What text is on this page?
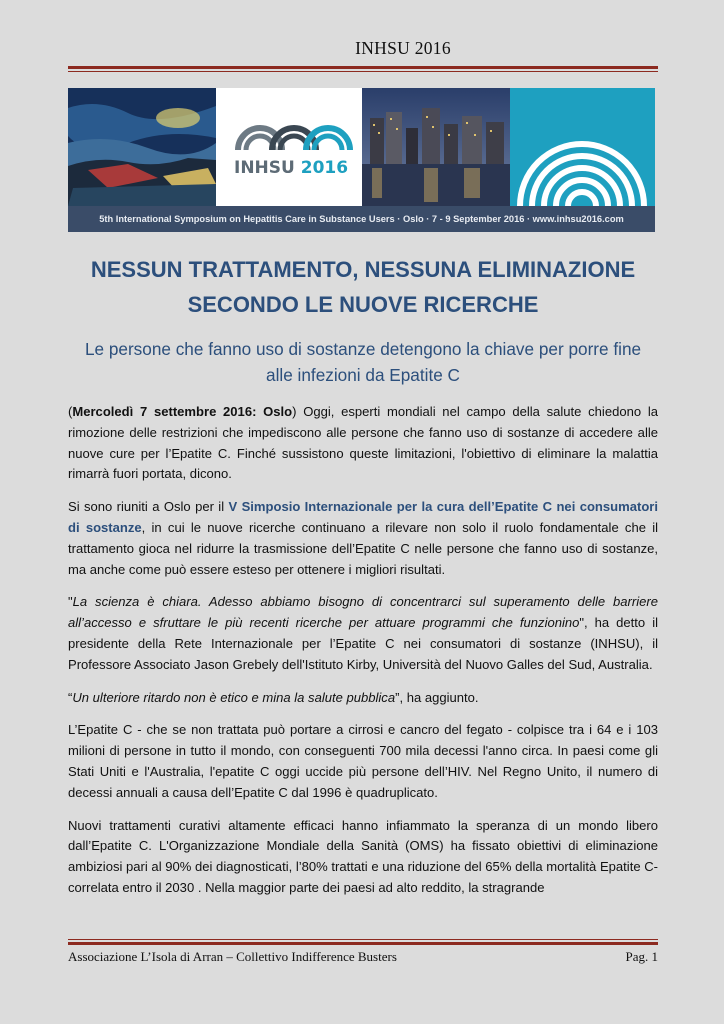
INHSU 2016
INHSU 2016
5th International Symposium on Hepatitis Care in Substance Users · Oslo · 7 - 9 September 2016 · www.inhsu2016.com
NESSUN TRATTAMENTO, NESSUNA ELIMINAZIONE
SECONDO LE NUOVE RICERCHE
Le persone che fanno uso di sostanze detengono la chiave per porre fine
alle infezioni da Epatite C

(Mercoledì 7 settembre 2016: Oslo) Oggi, esperti mondiali nel campo della salute chiedono la rimozione delle restrizioni che impediscono alle persone che fanno uso di sostanze di accedere alle nuove cure per l’Epatite C. Finché sussistono queste limitazioni, l'obiettivo di eliminare la malattia rimarrà fuori portata, dicono.

Si sono riuniti a Oslo per il V Simposio Internazionale per la cura dell’Epatite C nei consumatori di sostanze, in cui le nuove ricerche continuano a rilevare non solo il ruolo fondamentale che il trattamento gioca nel ridurre la trasmissione dell’Epatite C nelle persone che fanno uso di sostanze, ma anche come può essere esteso per ottenere i migliori risultati.

"La scienza è chiara. Adesso abbiamo bisogno di concentrarci sul superamento delle barriere all’accesso e sfruttare le più recenti ricerche per attuare programmi che funzionino", ha detto il presidente della Rete Internazionale per l’Epatite C nei consumatori di sostanze (INHSU), il Professore Associato Jason Grebely dell'Istituto Kirby, Università del Nuovo Galles del Sud, Australia.

“Un ulteriore ritardo non è etico e mina la salute pubblica”, ha aggiunto.

L’Epatite C - che se non trattata può portare a cirrosi e cancro del fegato - colpisce tra i 64 e i 103 milioni di persone in tutto il mondo, con conseguenti 700 mila decessi l'anno circa. In paesi come gli Stati Uniti e l'Australia, l'epatite C oggi uccide più persone dell’HIV. Nel Regno Unito, il numero di decessi annuali a causa dell’Epatite C dal 1996 è quadruplicato.

Nuovi trattamenti curativi altamente efficaci hanno infiammato la speranza di un mondo libero dall’Epatite C. L'Organizzazione Mondiale della Sanità (OMS) ha fissato obiettivi di eliminazione ambiziosi pari al 90% dei diagnosticati, l’80% trattati e una riduzione del 65% della mortalità Epatite C-correlata entro il 2030 . Nella maggior parte dei paesi ad alto reddito, la stragrande

Associazione L’Isola di Arran – Collettivo Indifference Busters	Pag. 1
